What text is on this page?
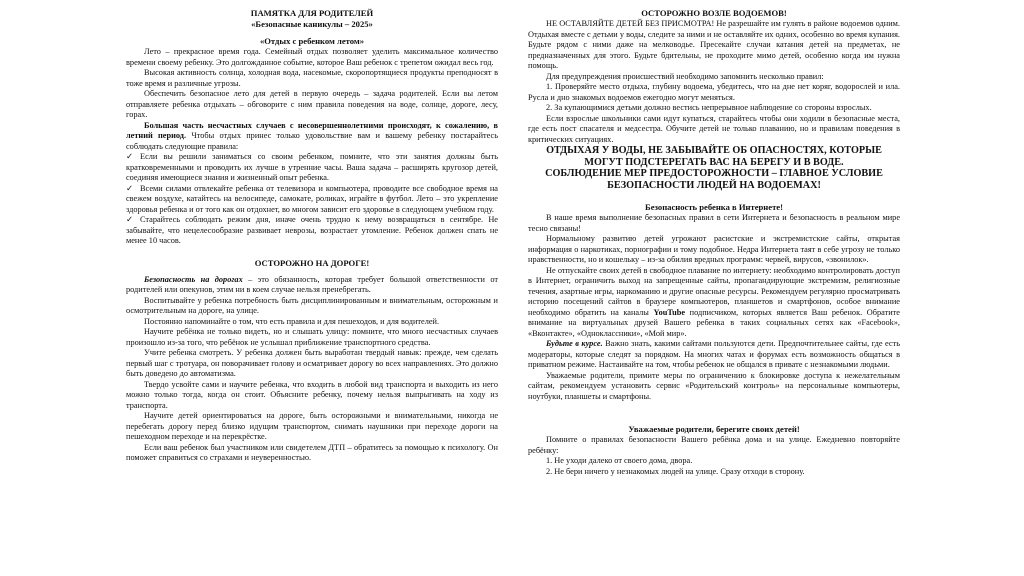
ПАМЯТКА ДЛЯ РОДИТЕЛЕЙ

«Безопасные каникулы – 2025»

«Отдых с ребенком летом»

Лето – прекрасное время года. Семейный отдых позволяет уделить максимальное количество времени своему ребенку. Это долгожданное событие, которое Ваш ребенок с трепетом ожидал весь год.

Высокая активность солнца, холодная вода, насекомые, скоропортящиеся продукты преподносят в тоже время и различные угрозы.

Обеспечить безопасное лето для детей в первую очередь – задача родителей. Если вы летом отправляете ребенка отдыхать – обговорите с ним правила поведения на воде, солнце, дороге, лесу, горах.

Большая часть несчастных случаев с несовершеннолетними происходят, к сожалению, в летний период. Чтобы отдых принес только удовольствие вам и вашему ребенку постарайтесь соблюдать следующие правила:

✓ Если вы решили заниматься со своим ребенком, помните, что эти занятия должны быть кратковременными и проводить их лучше в утренние часы. Ваша задача – расширять кругозор детей, соединяя имеющиеся знания и жизненный опыт ребенка.

✓ Всеми силами отвлекайте ребенка от телевизора и компьютера, проводите все свободное время на свежем воздухе, катайтесь на велосипеде, самокате, роликах, играйте в футбол. Лето – это укрепление здоровья ребенка и от того как он отдохнет, во многом зависит его здоровье в следующем учебном году.

✓ Старайтесь соблюдать режим дня, иначе очень трудно к нему возвращаться в сентябре. Не забывайте, что нецелесообразие развивает неврозы, возрастает утомление. Ребенок должен спать не менее 10 часов.

ОСТОРОЖНО НА ДОРОГЕ!

Безопасность на дорогах – это обязанность, которая требует большой ответственности от родителей или опекунов, этим ни в коем случае нельзя пренебрегать.

Воспитывайте у ребенка потребность быть дисциплинированным и внимательным, осторожным и осмотрительным на дороге, на улице.

Постоянно напоминайте о том, что есть правила и для пешеходов, и для водителей.

Научите ребёнка не только видеть, но и слышать улицу: помните, что много несчастных случаев произошло из-за того, что ребёнок не услышал приближение транспортного средства.

Учите ребенка смотреть. У ребенка должен быть выработан твердый навык: прежде, чем сделать первый шаг с тротуара, он поворачивает голову и осматривает дорогу во всех направлениях. Это должно быть доведено до автоматизма.

Твердо усвойте сами и научите ребенка, что входить в любой вид транспорта и выходить из него можно только тогда, когда он стоит. Объясните ребенку, почему нельзя выпрыгивать на ходу из транспорта.

Научите детей ориентироваться на дороге, быть осторожными и внимательными, никогда не перебегать дорогу перед близко идущим транспортом, снимать наушники при переходе дороги на пешеходном переходе и на перекрёстке.

Если ваш ребенок был участником или свидетелем ДТП – обратитесь за помощью к психологу. Он поможет справиться со страхами и неуверенностью.

ОСТОРОЖНО ВОЗЛЕ ВОДОЕМОВ!

НЕ ОСТАВЛЯЙТЕ ДЕТЕЙ БЕЗ ПРИСМОТРА! Не разрешайте им гулять в районе водоемов одним. Отдыхая вместе с детьми у воды, следите за ними и не оставляйте их одних, особенно во время купания. Будьте рядом с ними даже на мелководье. Пресекайте случаи катания детей на предметах, не предназначенных для этого. Будьте бдительны, не проходите мимо детей, особенно когда им нужна помощь.

Для предупреждения происшествий необходимо запомнить несколько правил:

1. Проверяйте место отдыха, глубину водоема, убедитесь, что на дне нет коряг, водорослей и ила. Русла и дно знакомых водоемов ежегодно могут меняться.

2. За купающимися детьми должно вестись непрерывное наблюдение со стороны взрослых.

Если взрослые школьники сами идут купаться, старайтесь чтобы они ходили в безопасные места, где есть пост спасателя и медсестра. Обучите детей не только плаванию, но и правилам поведения в критических ситуациях.

ОТДЫХАЯ У ВОДЫ, НЕ ЗАБЫВАЙТЕ ОБ ОПАСНОСТЯХ, КОТОРЫЕ МОГУТ ПОДСТЕРЕГАТЬ ВАС НА БЕРЕГУ И В ВОДЕ.

СОБЛЮДЕНИЕ МЕР ПРЕДОСТОРОЖНОСТИ – ГЛАВНОЕ УСЛОВИЕ БЕЗОПАСНОСТИ ЛЮДЕЙ НА ВОДОЕМАХ!

Безопасность ребенка в Интернете!

В наше время выполнение безопасных правил в сети Интернета и безопасность в реальном мире тесно связаны!

Нормальному развитию детей угрожают расистские и экстремистские сайты, открытая информация о наркотиках, порнографии и тому подобное. Недра Интернета таят в себе угрозу не только нравственности, но и кошельку – из-за обилия вредных программ: червей, вирусов, «звонилок».

Не отпускайте своих детей в свободное плавание по интернету: необходимо контролировать доступ в Интернет, ограничить выход на запрещенные сайты, пропагандирующие экстремизм, религиозные течения, азартные игры, наркоманию и другие опасные ресурсы. Рекомендуем регулярно просматривать историю посещений сайтов в браузере компьютеров, планшетов и смартфонов, особое внимание необходимо обратить на каналы YouTube подписчиком, которых является Ваш ребенок. Обратите внимание на виртуальных друзей Вашего ребенка в таких социальных сетях как «Facebook», «Вконтакте», «Одноклассники», «Мой мир».

Будьте в курсе. Важно знать, какими сайтами пользуются дети. Предпочтительнее сайты, где есть модераторы, которые следят за порядком. На многих чатах и форумах есть возможность общаться в приватном режиме. Настаивайте на том, чтобы ребенок не общался в привате с незнакомыми людьми.

Уважаемые родители, примите меры по ограничению к блокировке доступа к нежелательным сайтам, рекомендуем установить сервис «Родительский контроль» на персональные компьютеры, ноутбуки, планшеты и смартфоны.

Уважаемые родители, берегите своих детей!

Помните о правилах безопасности Вашего ребёнка дома и на улице. Ежедневно повторяйте ребёнку:

1. Не уходи далеко от своего дома, двора.

2. Не бери ничего у незнакомых людей на улице. Сразу отходи в сторону.
